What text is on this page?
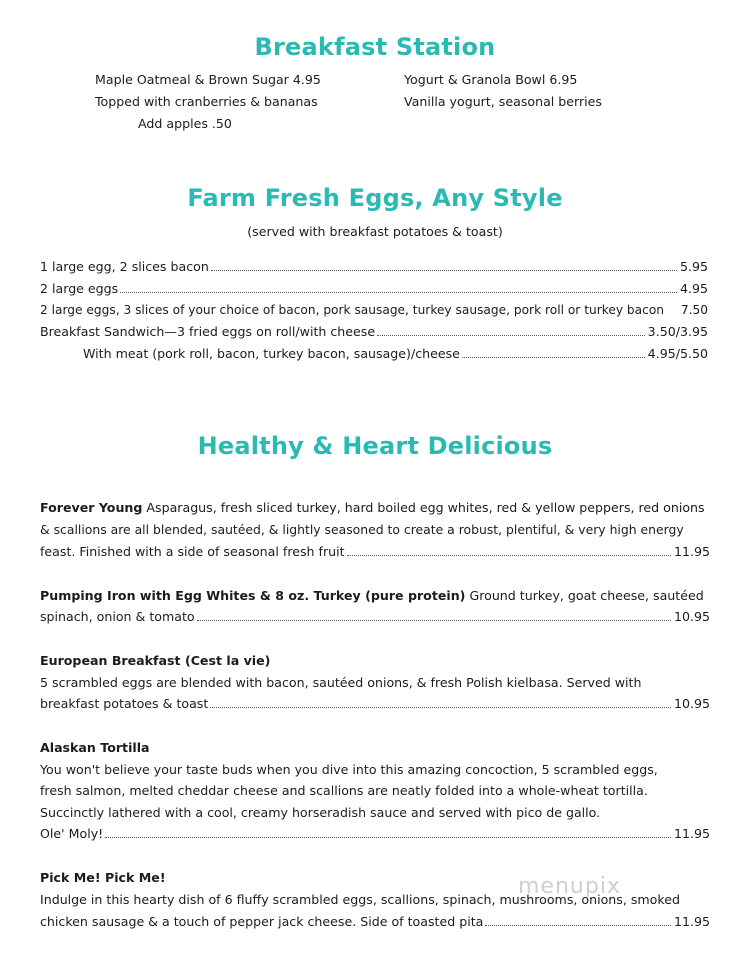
Breakfast Station
Maple Oatmeal & Brown Sugar 4.95
Topped with cranberries & bananas
Add apples .50
Yogurt & Granola Bowl 6.95
Vanilla yogurt, seasonal berries
Farm Fresh Eggs, Any Style
(served with breakfast potatoes & toast)
1 large egg, 2 slices bacon	5.95
2 large eggs	4.95
2 large eggs, 3 slices of your choice of bacon, pork sausage, turkey sausage, pork roll or turkey bacon 7.50
Breakfast Sandwich—3 fried eggs on roll/with cheese	3.50/3.95
With meat (pork roll, bacon, turkey bacon, sausage)/cheese	4.95/5.50
Healthy & Heart Delicious
Forever Young Asparagus, fresh sliced turkey, hard boiled egg whites, red & yellow peppers, red onions
& scallions are all blended, sautéed, & lightly seasoned to create a robust, plentiful, & very high energy
feast. Finished with a side of seasonal fresh fruit	11.95
Pumping Iron with Egg Whites & 8 oz. Turkey (pure protein) Ground turkey, goat cheese, sautéed
spinach, onion & tomato	10.95
European Breakfast (Cest la vie)
5 scrambled eggs are blended with bacon, sautéed onions, & fresh Polish kielbasa. Served with
breakfast potatoes & toast	10.95
Alaskan Tortilla
You won't believe your taste buds when you dive into this amazing concoction, 5 scrambled eggs,
fresh salmon, melted cheddar cheese and scallions are neatly folded into a whole-wheat tortilla.
Succinctly lathered with a cool, creamy horseradish sauce and served with pico de gallo.
Ole' Moly!	11.95
Pick Me! Pick Me!
Indulge in this hearty dish of 6 fluffy scrambled eggs, scallions, spinach, mushrooms, onions, smoked
chicken sausage & a touch of pepper jack cheese. Side of toasted pita	11.95
menupix
